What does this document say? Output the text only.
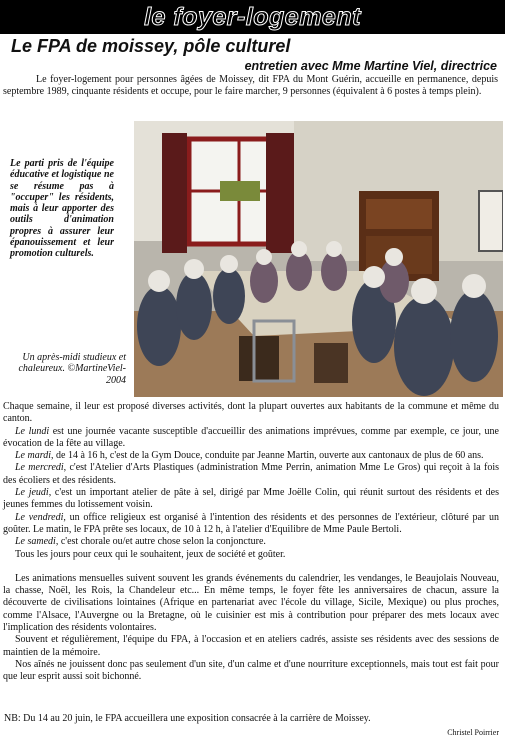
le foyer-logement
Le FPA de moissey, pôle culturel
entretien avec Mme Martine Viel, directrice
Le foyer-logement pour personnes âgées de Moissey, dit FPA du Mont Guérin, accueille en permanence, depuis septembre 1989, cinquante résidents et occupe, pour le faire marcher, 9 personnes (équivalent à 6 postes à temps plein).
Le parti pris de l'équipe éducative et logistique ne se résume pas à "occuper" les résidents, mais à leur apporter des outils d'animation propres à assurer leur épanouissement et leur promotion culturels.
Un après-midi studieux et chaleureux. ©MartineViel-2004

Chaque semaine, il leur est proposé diverses activités, dont la plupart ouvertes aux habitants de la commune et même du canton.

Le lundi est une journée vacante susceptible d'accueillir des animations imprévues, comme par exemple, ce jour, une évocation de la fête au village.

Le mardi, de 14 à 16 h, c'est de la Gym Douce, conduite par Jeanne Martin, ouverte aux cantonaux de plus de 60 ans.

Le mercredi, c'est l'Atelier d'Arts Plastiques (administration Mme Perrin, animation Mme Le Gros) qui reçoit à la fois des écoliers et des résidents.

Le jeudi, c'est un important atelier de pâte à sel, dirigé par Mme Joëlle Colin, qui réunit surtout des résidents et des jeunes femmes du lotissement voisin.

Le vendredi, un office religieux est organisé à l'intention des résidents et des personnes de l'extérieur, clôturé par un goûter. Le matin, le FPA prête ses locaux, de 10 à 12 h, à l'atelier d'Equilibre de Mme Paule Bertoli.

Le samedi, c'est chorale ou/et autre chose selon la conjoncture.

Tous les jours pour ceux qui le souhaitent, jeux de société et goûter.

Les animations mensuelles suivent souvent les grands événements du calendrier, les vendanges, le Beaujolais Nouveau, la chasse, Noël, les Rois, la Chandeleur etc... En même temps, le foyer fête les anniversaires de chacun, assure la découverte de civilisations lointaines (Afrique en partenariat avec l'école du village, Sicile, Mexique) ou plus proches, comme l'Alsace, l'Auvergne ou la Bretagne, où le cuisinier est mis à contribution pour préparer des mets locaux avec l'implication des résidents volontaires.

Souvent et régulièrement, l'équipe du FPA, à l'occasion et en ateliers cadrés, assiste ses résidents avec des sessions de maintien de la mémoire.

Nos aînés ne jouissent donc pas seulement d'un site, d'un calme et d'une nourriture exceptionnels, mais tout est fait pour que leur esprit aussi soit bichonné.

NB: Du 14 au 20 juin, le FPA accueillera une exposition consacrée à la carrière de Moissey.
Christel Poirrier
